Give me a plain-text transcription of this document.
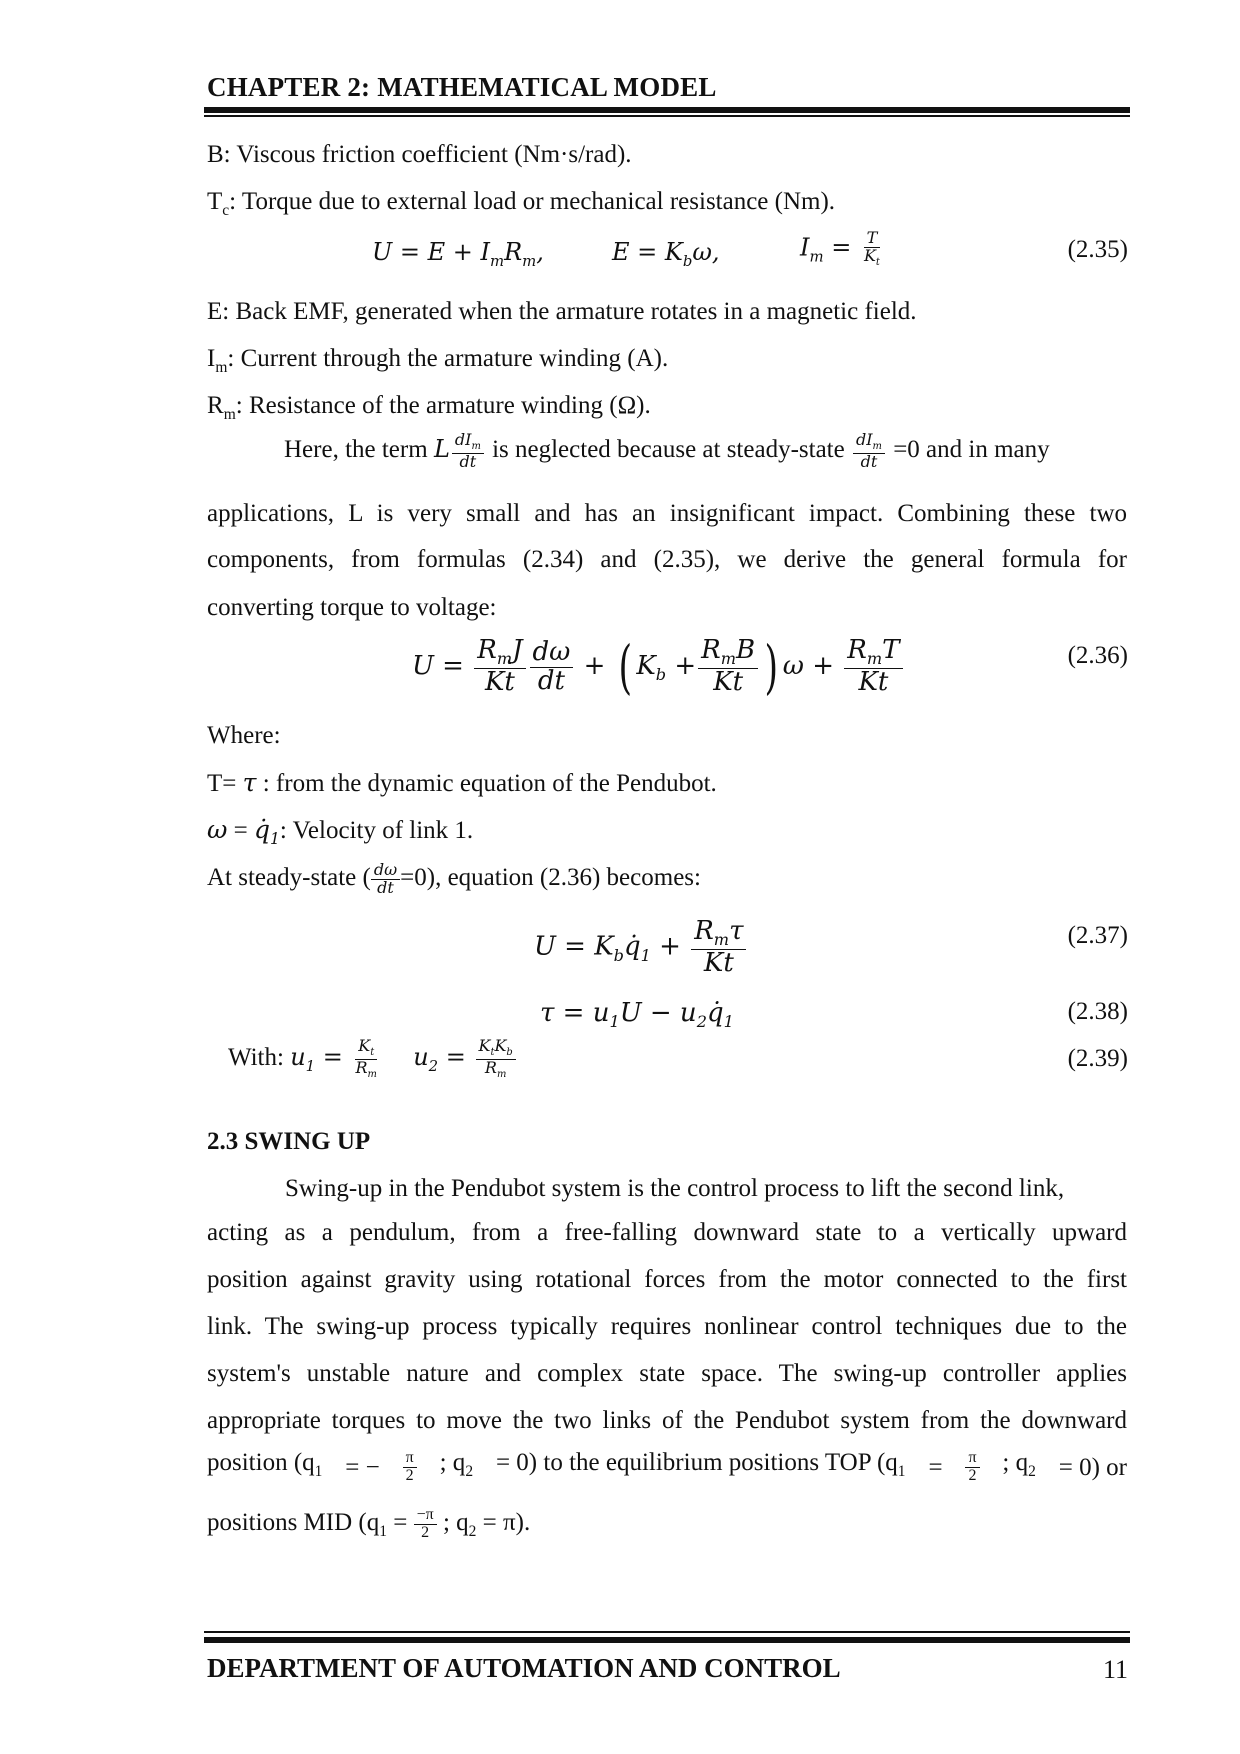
CHAPTER 2: MATHEMATICAL MODEL
B: Viscous friction coefficient (Nm·s/rad).
$T_c$: Torque due to external load or mechanical resistance (Nm).
$U = E + I_mR_m$,	$E = K_b\omega$,	$I_m = \frac{T}{K_t}$	(2.35)
E: Back EMF, generated when the armature rotates in a magnetic field.
$I_m$: Current through the armature winding (A).
$R_m$: Resistance of the armature winding (Ω).
Here, the term L $\frac{dI_m}{dt}$ is neglected because at steady-state $\frac{dI_m}{dt} =0$ and in many
applications, L is very small and has an insignificant impact. Combining these two
components, from formulas (2.34) and (2.35), we derive the general formula for
converting torque to voltage:
$U = \frac{R_mJ}{Kt} \frac{d\omega}{dt}$ + ( $K_b + \frac{R_mB}{Kt}$ ) $\omega + \frac{R_mT}{Kt}$	(2.36)
Where:
T= τ : from the dynamic equation of the Pendubot.
$\omega = q̇_1$: Velocity of link 1.
At steady-state ( $\frac{d\omega}{dt} =0$), equation (2.36) becomes:
$U = K_bq̇_1 + \frac{R_m\tau}{Kt}$	(2.37)
$\tau = u_1U$ − $u_2q̇_1$	(2.38)
With: $u_1 = \frac{K_t}{R_m} u_2 = \frac{K_tK_b}{R_m}$	(2.39)
2.3 SWING UP
Swing-up in the Pendubot system is the control process to lift the second link,
acting as a pendulum, from a free-falling downward state to a vertically upward
position against gravity using rotational forces from the motor connected to the first
link. The swing-up process typically requires nonlinear control techniques due to the
system's unstable nature and complex state space. The swing-up controller applies
appropriate torques to move the two links of the Pendubot system from the downward
position ($q_1$ = − $\frac{\pi}{2}$ ; $q_2 = 0$) to the equilibrium positions TOP ($q_1 = \frac{\pi}{2}$ ; $q_2 = 0$) or
positions MID ($q_1 = \frac{-\pi}{2}$ ; $q_2 = \pi$).
DEPARTMENT OF AUTOMATION AND CONTROL	11
